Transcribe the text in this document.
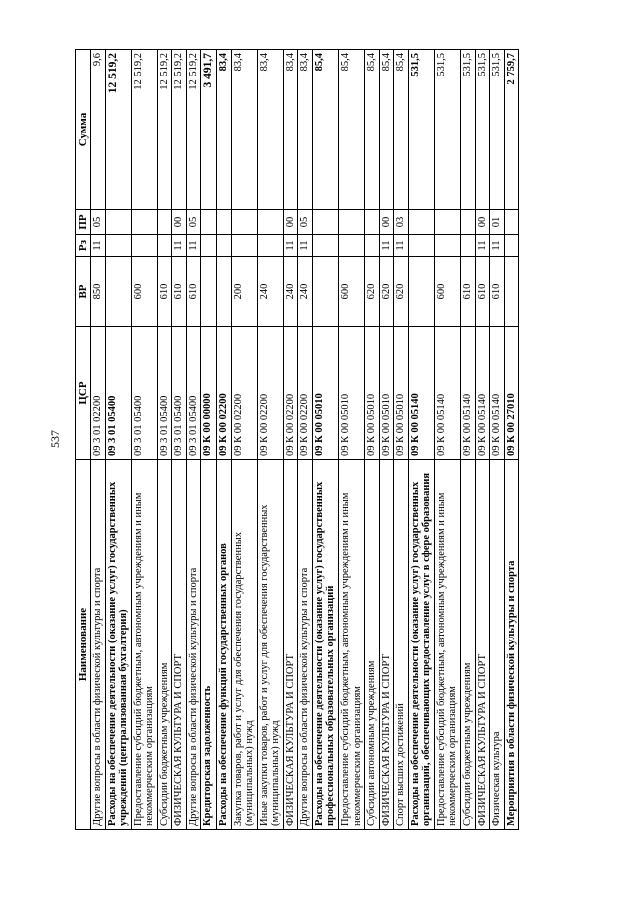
537
Наименование	ЦСР	ВР	Рз	ПР	Сумма
Другие вопросы в области физической культуры и спорта	09 3 01 02200	850	11	05	9,6
Расходы на обеспечение деятельности (оказание услуг) государственных учреждений (централизованная бухгалтерия)	09 3 01 05400				12 519,2
Предоставление субсидий бюджетным, автономным учреждениям и иным некоммерческим организациям	09 3 01 05400	600			12 519,2
Субсидии бюджетным учреждениям	09 3 01 05400	610			12 519,2
ФИЗИЧЕСКАЯ КУЛЬТУРА И СПОРТ	09 3 01 05400	610	11	00	12 519,2
Другие вопросы в области физической культуры и спорта	09 3 01 05400	610	11	05	12 519,2
Кредиторская задолженность	09 К 00 00000				3 491,7
Расходы на обеспечение функций государственных органов	09 К 00 02200				83,4
Закупка товаров, работ и услуг для обеспечения государственных (муниципальных) нужд	09 К 00 02200	200			83,4
Иные закупки товаров, работ и услуг для обеспечения государственных (муниципальных) нужд	09 К 00 02200	240			83,4
ФИЗИЧЕСКАЯ КУЛЬТУРА И СПОРТ	09 К 00 02200	240	11	00	83,4
Другие вопросы в области физической культуры и спорта	09 К 00 02200	240	11	05	83,4
Расходы на обеспечение деятельности (оказание услуг) государственных профессиональных образовательных организаций	09 К 00 05010				85,4
Предоставление субсидий бюджетным, автономным учреждениям и иным некоммерческим организациям	09 К 00 05010	600			85,4
Субсидии автономным учреждениям	09 К 00 05010	620			85,4
ФИЗИЧЕСКАЯ КУЛЬТУРА И СПОРТ	09 К 00 05010	620	11	00	85,4
Спорт высших достижений	09 К 00 05010	620	11	03	85,4
Расходы на обеспечение деятельности (оказание услуг) государственных организаций, обеспечивающих предоставление услуг в сфере образования	09 К 00 05140				531,5
Предоставление субсидий бюджетным, автономным учреждениям и иным некоммерческим организациям	09 К 00 05140	600			531,5
Субсидии бюджетным учреждениям	09 К 00 05140	610			531,5
ФИЗИЧЕСКАЯ КУЛЬТУРА И СПОРТ	09 К 00 05140	610	11	00	531,5
Физическая культура	09 К 00 05140	610	11	01	531,5
Мероприятия в области физической культуры и спорта	09 К 00 27010				2 759,7
